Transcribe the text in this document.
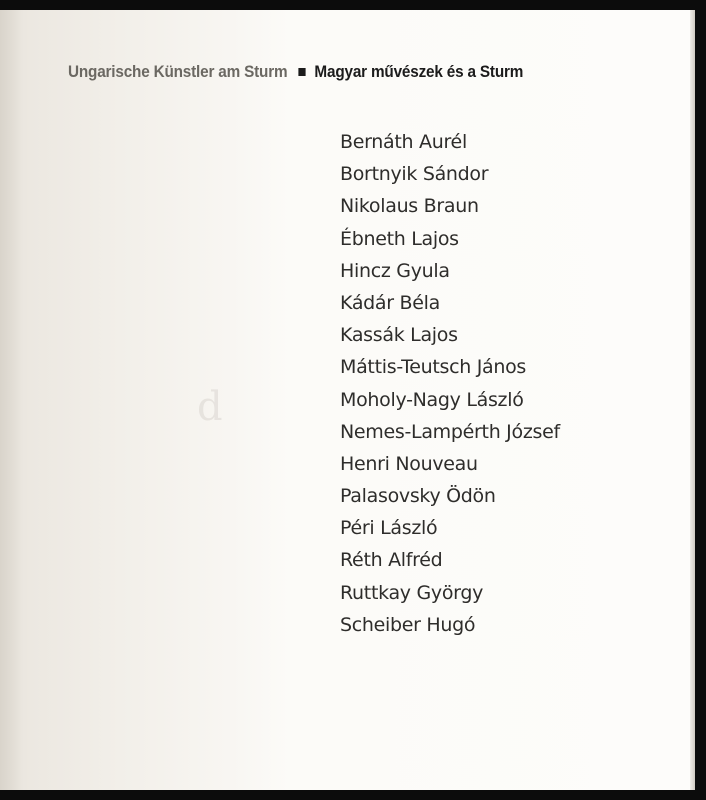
Ungarische Künstler am Sturm Magyar művészek és a Sturm
d
Bernáth Aurél
Bortnyik Sándor
Nikolaus Braun
Ébneth Lajos
Hincz Gyula
Kádár Béla
Kassák Lajos
Máttis-Teutsch János
Moholy-Nagy László
Nemes-Lampérth József
Henri Nouveau
Palasovsky Ödön
Péri László
Réth Alfréd
Ruttkay György
Scheiber Hugó
